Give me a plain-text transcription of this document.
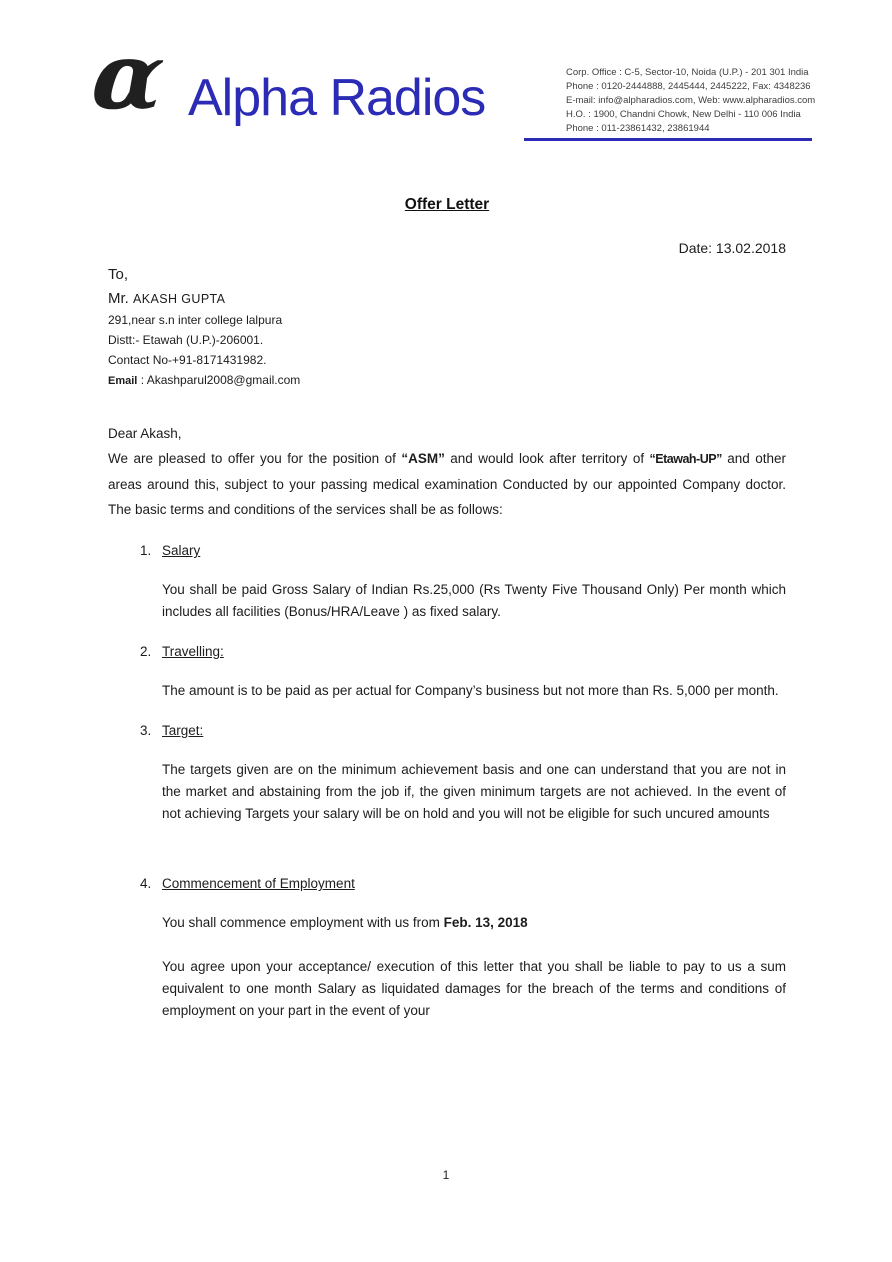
α Alpha Radios	Corp. Office : C-5, Sector-10, Noida (U.P.) - 201 301 India
Phone : 0120-2444888, 2445444, 2445222, Fax: 4348236
E-mail: info@alpharadios.com, Web: www.alpharadios.com
H.O. : 1900, Chandni Chowk, New Delhi - 110 006 India
Phone : 011-23861432, 23861944
Offer Letter
Date: 13.02.2018
To,
Mr. AKASH GUPTA
291,near s.n inter college lalpura
Distt:- Etawah (U.P.)-206001.
Contact No-+91-8171431982.
Email : Akashparul2008@gmail.com
Dear Akash,

We are pleased to offer you for the position of “ASM” and would look after territory of “Etawah-UP” and other areas around this, subject to your passing medical examination Conducted by our appointed Company doctor. The basic terms and conditions of the services shall be as follows:

1. Salary

You shall be paid Gross Salary of Indian Rs.25,000 (Rs Twenty Five Thousand Only) Per month which includes all facilities (Bonus/HRA/Leave ) as fixed salary.

2. Travelling:

The amount is to be paid as per actual for Company’s business but not more than Rs. 5,000 per month.

3. Target:

The targets given are on the minimum achievement basis and one can understand that you are not in the market and abstaining from the job if, the given minimum targets are not achieved. In the event of not achieving Targets your salary will be on hold and you will not be eligible for such uncured amounts

4. Commencement of Employment

You shall commence employment with us from Feb. 13, 2018

You agree upon your acceptance/ execution of this letter that you shall be liable to pay to us a sum equivalent to one month Salary as liquidated damages for the breach of the terms and conditions of employment on your part in the event of your

1
